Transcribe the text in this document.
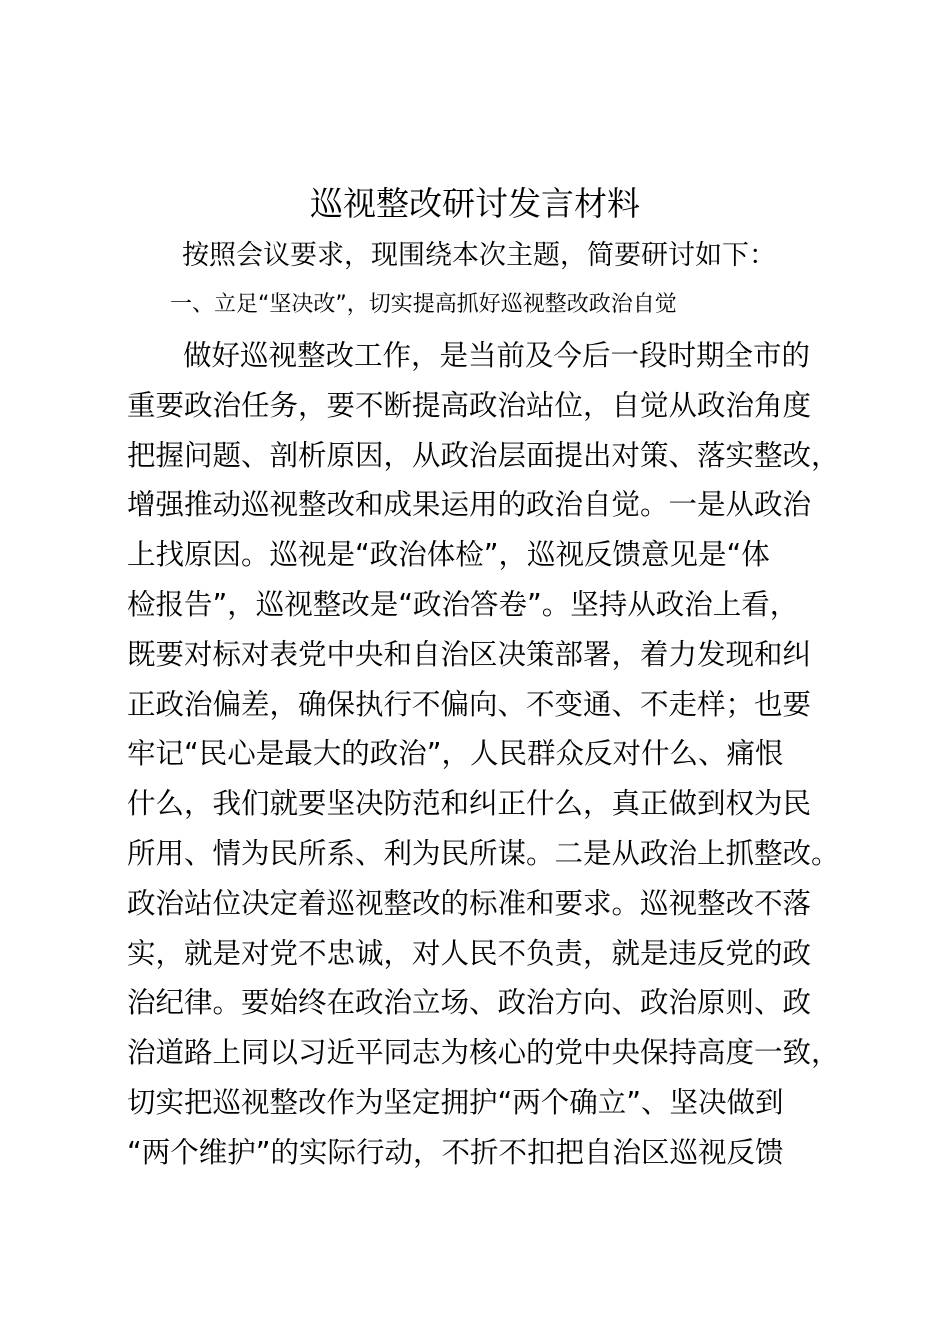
巡视整改研讨发言材料
按照会议要求，现围绕本次主题，简要研讨如下：
一、立足“坚决改”，切实提高抓好巡视整改政治自觉
做好巡视整改工作，是当前及今后一段时期全市的
重要政治任务，要不断提高政治站位，自觉从政治角度
把握问题、剖析原因，从政治层面提出对策、落实整改，
增强推动巡视整改和成果运用的政治自觉。一是从政治
上找原因。巡视是“政治体检”，巡视反馈意见是“体
检报告”，巡视整改是“政治答卷”。坚持从政治上看，
既要对标对表党中央和自治区决策部署，着力发现和纠
正政治偏差，确保执行不偏向、不变通、不走样；也要
牢记“民心是最大的政治”，人民群众反对什么、痛恨
什么，我们就要坚决防范和纠正什么，真正做到权为民
所用、情为民所系、利为民所谋。二是从政治上抓整改。
政治站位决定着巡视整改的标准和要求。巡视整改不落
实，就是对党不忠诚，对人民不负责，就是违反党的政
治纪律。要始终在政治立场、政治方向、政治原则、政
治道路上同以习近平同志为核心的党中央保持高度一致，
切实把巡视整改作为坚定拥护“两个确立”、坚决做到
“两个维护”的实际行动，不折不扣把自治区巡视反馈
